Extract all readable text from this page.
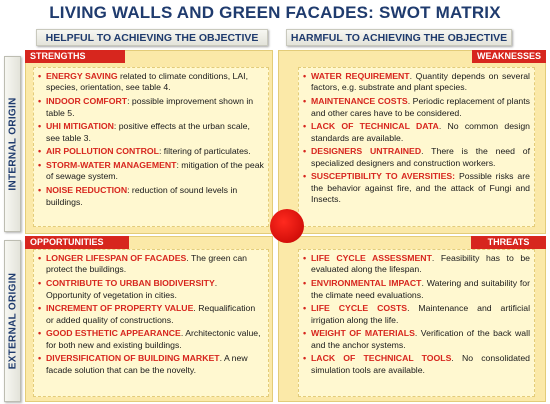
LIVING WALLS AND GREEN FACADES: SWOT MATRIX
HELPFUL TO ACHIEVING THE OBJECTIVE	HARMFUL TO ACHIEVING THE OBJECTIVE
INTERNAL ORIGIN
EXTERNAL ORIGIN
STRENGTHS	WEAKNESSES
OPPORTUNITIES	THREATS
• ENERGY SAVING related to climate conditions, LAI, species, orientation, see table 4.
• INDOOR COMFORT: possible improvement shown in table 5.
• UHI MITIGATION: positive effects at the urban scale, see table 3.
• AIR POLLUTION CONTROL: filtering of particulates.
• STORM-WATER MANAGEMENT: mitigation of the peak of sewage system.
• NOISE REDUCTION: reduction of sound levels in buildings.
• WATER REQUIREMENT. Quantity depends on several factors, e.g. substrate and plant species.
• MAINTENANCE COSTS. Periodic replacement of plants and other cares have to be considered.
• LACK OF TECHNICAL DATA. No common design standards are available.
• DESIGNERS UNTRAINED. There is the need of specialized designers and construction workers.
• SUSCEPTIBILITY TO AVERSITIES: Possible risks are the behavior against fire, and the attack of Fungi and Insects.
• LONGER LIFESPAN OF FACADES. The green can protect the buildings.
• CONTRIBUTE TO URBAN BIODIVERSITY. Opportunity of vegetation in cities.
• INCREMENT OF PROPERTY VALUE. Requalification or added quality of constructions.
• GOOD ESTHETIC APPEARANCE. Architectonic value, for both new and existing buildings.
• DIVERSIFICATION OF BUILDING MARKET. A new facade solution that can be the novelty.
• LIFE CYCLE ASSESSMENT. Feasibility has to be evaluated along the lifespan.
• ENVIRONMENTAL IMPACT. Watering and suitability for the climate need evaluations.
• LIFE CYCLE COSTS. Maintenance and artificial irrigation along the life.
• WEIGHT OF MATERIALS. Verification of the back wall and the anchor systems.
• LACK OF TECHNICAL TOOLS. No consolidated simulation tools are available.
